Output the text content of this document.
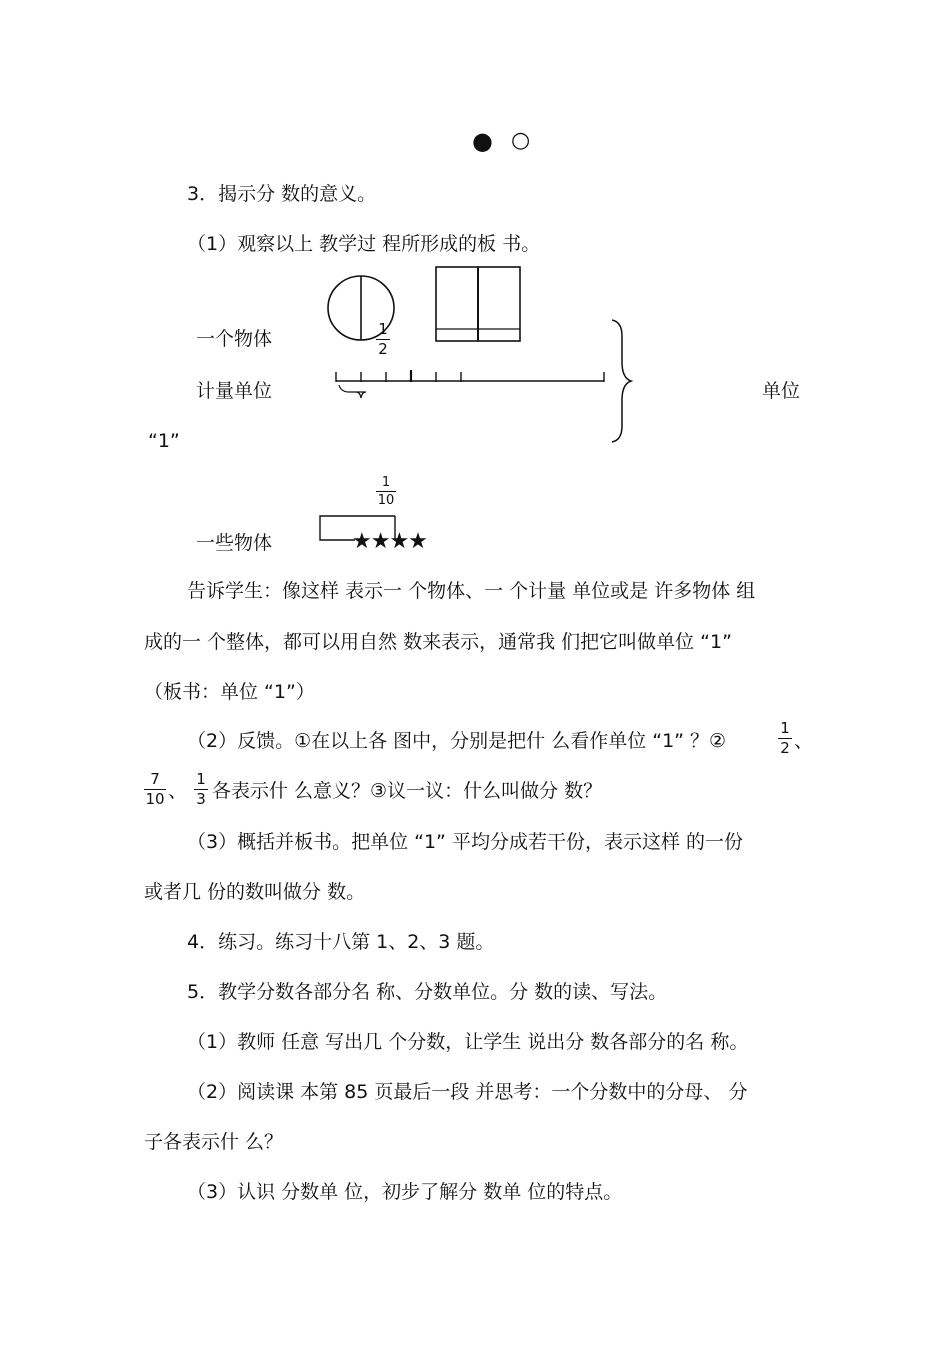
● ○
3．揭示分 数的意义。
（1）观察以上 教学过 程所形成的板 书。
一个物体
计量单位	单位
“1”
一些物体
1
2
1
10
★★★★
告诉学生：像这样 表示一 个物体、一 个计量 单位或是 许多物体 组
成的一 个整体，都可以用自然 数来表示，通常我 们把它叫做单位 “1”
（板书：单位 “1”）
（2）反馈。①在以上各 图中，分别是把什 么看作单位 “1” ？②
1
2 、
7
10 、
1
3 各表示什 么意义？③议一议：什么叫做分 数？
（3）概括并板书。把单位 “1” 平均分成若干份，表示这样 的一份
或者几 份的数叫做分 数。
4．练习。练习十八第 1、2、3 题。
5．教学分数各部分名 称、分数单位。分 数的读、写法。
（1）教师 任意 写出几 个分数，让学生 说出分 数各部分的名 称。
（2）阅读课 本第 85 页最后一段 并思考：一个分数中的分母、 分
子各表示什 么？
（3）认识 分数单 位，初步了解分 数单 位的特点。
